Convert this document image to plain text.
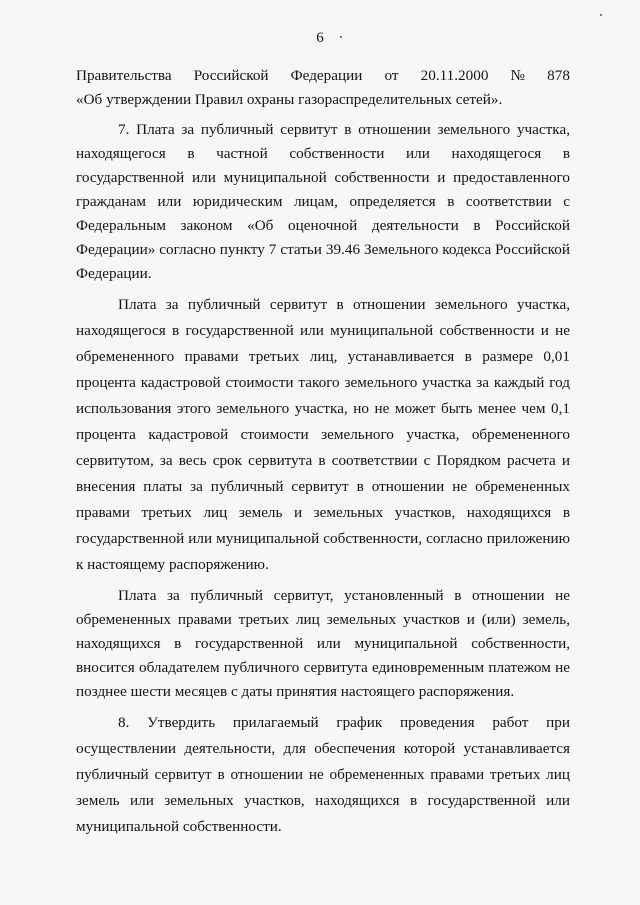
6
Правительства Российской Федерации от 20.11.2000 № 878

«Об утверждении Правил охраны газораспределительных сетей».

7. Плата за публичный сервитут в отношении земельного участка, находящегося в частной собственности или находящегося в государственной или муниципальной собственности и предоставленного гражданам или юридическим лицам, определяется в соответствии с Федеральным законом «Об оценочной деятельности в Российской Федерации» согласно пункту 7 статьи 39.46 Земельного кодекса Российской Федерации.

Плата за публичный сервитут в отношении земельного участка, находящегося в государственной или муниципальной собственности и не обремененного правами третьих лиц, устанавливается в размере 0,01 процента кадастровой стоимости такого земельного участка за каждый год использования этого земельного участка, но не может быть менее чем 0,1 процента кадастровой стоимости земельного участка, обремененного сервитутом, за весь срок сервитута в соответствии с Порядком расчета и внесения платы за публичный сервитут в отношении не обремененных правами третьих лиц земель и земельных участков, находящихся в государственной или муниципальной собственности, согласно приложению к настоящему распоряжению.

Плата за публичный сервитут, установленный в отношении не обремененных правами третьих лиц земельных участков и (или) земель, находящихся в государственной или муниципальной собственности, вносится обладателем публичного сервитута единовременным платежом не позднее шести месяцев с даты принятия настоящего распоряжения.

8. Утвердить прилагаемый график проведения работ при осуществлении деятельности, для обеспечения которой устанавливается публичный сервитут в отношении не обремененных правами третьих лиц земель или земельных участков, находящихся в государственной или муниципальной собственности.
